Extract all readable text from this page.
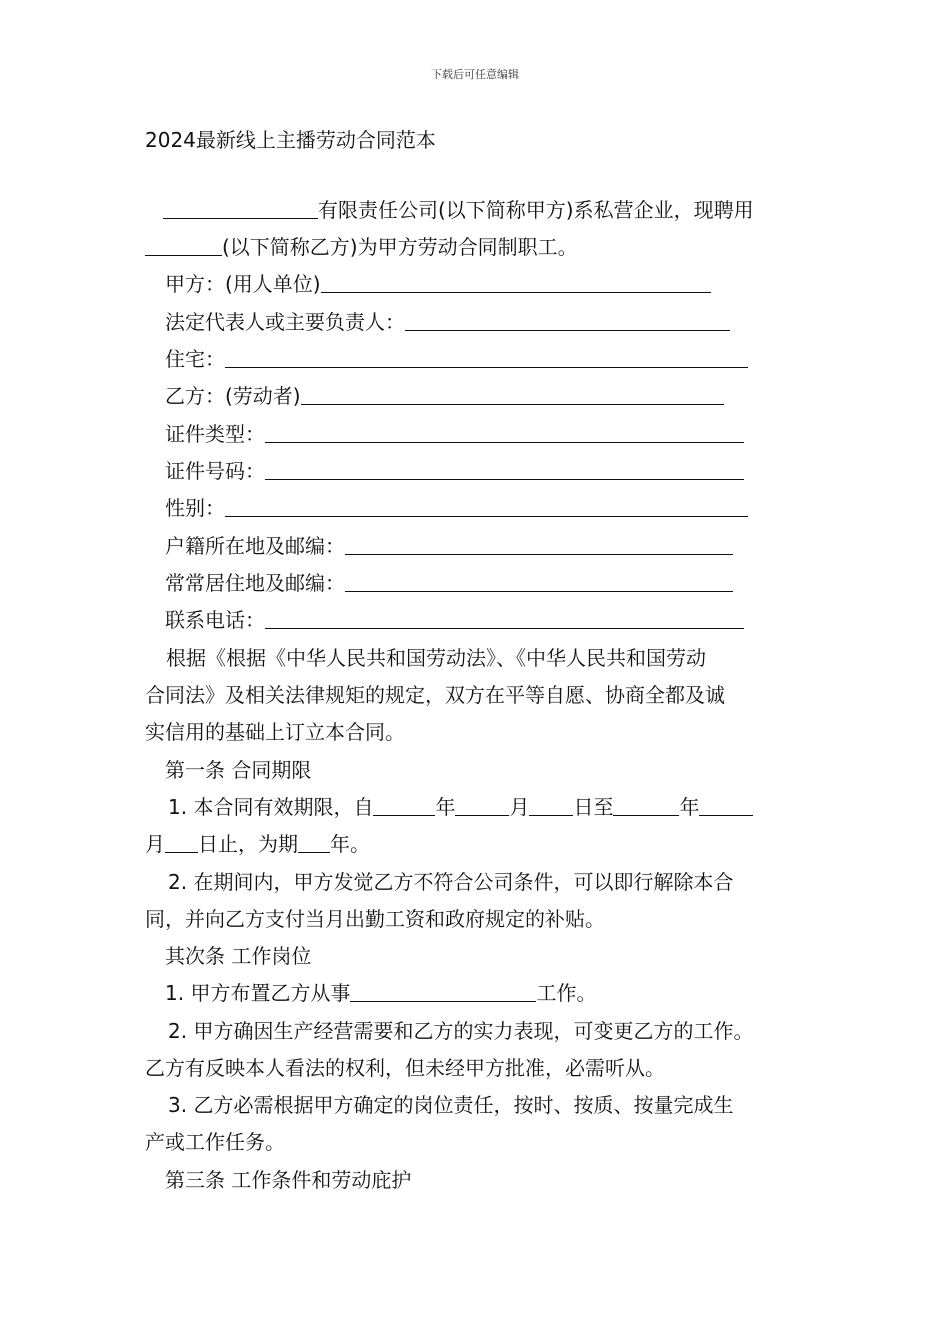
下载后可任意编辑
2024最新线上主播劳动合同范本
有限责任公司(以下简称甲方)系私营企业，现聘用
(以下简称乙方)为甲方劳动合同制职工。
甲方：(用人单位)
法定代表人或主要负责人：
住宅：
乙方：(劳动者)
证件类型：
证件号码：
性别：
户籍所在地及邮编：
常常居住地及邮编：
联系电话：
根据《根据《中华人民共和国劳动法》、《中华人民共和国劳动
合同法》及相关法律规矩的规定，双方在平等自愿、协商全都及诚
实信用的基础上订立本合同。
第一条 合同期限
1. 本合同有效期限，自	年	月 日至	年
月 日止，为期 年。
2. 在期间内，甲方发觉乙方不符合公司条件，可以即行解除本合
同，并向乙方支付当月出勤工资和政府规定的补贴。
其次条 工作岗位
1. 甲方布置乙方从事	工作。
2. 甲方确因生产经营需要和乙方的实力表现，可变更乙方的工作。
乙方有反映本人看法的权利，但未经甲方批准，必需听从。
3. 乙方必需根据甲方确定的岗位责任，按时、按质、按量完成生
产或工作任务。
第三条 工作条件和劳动庇护
